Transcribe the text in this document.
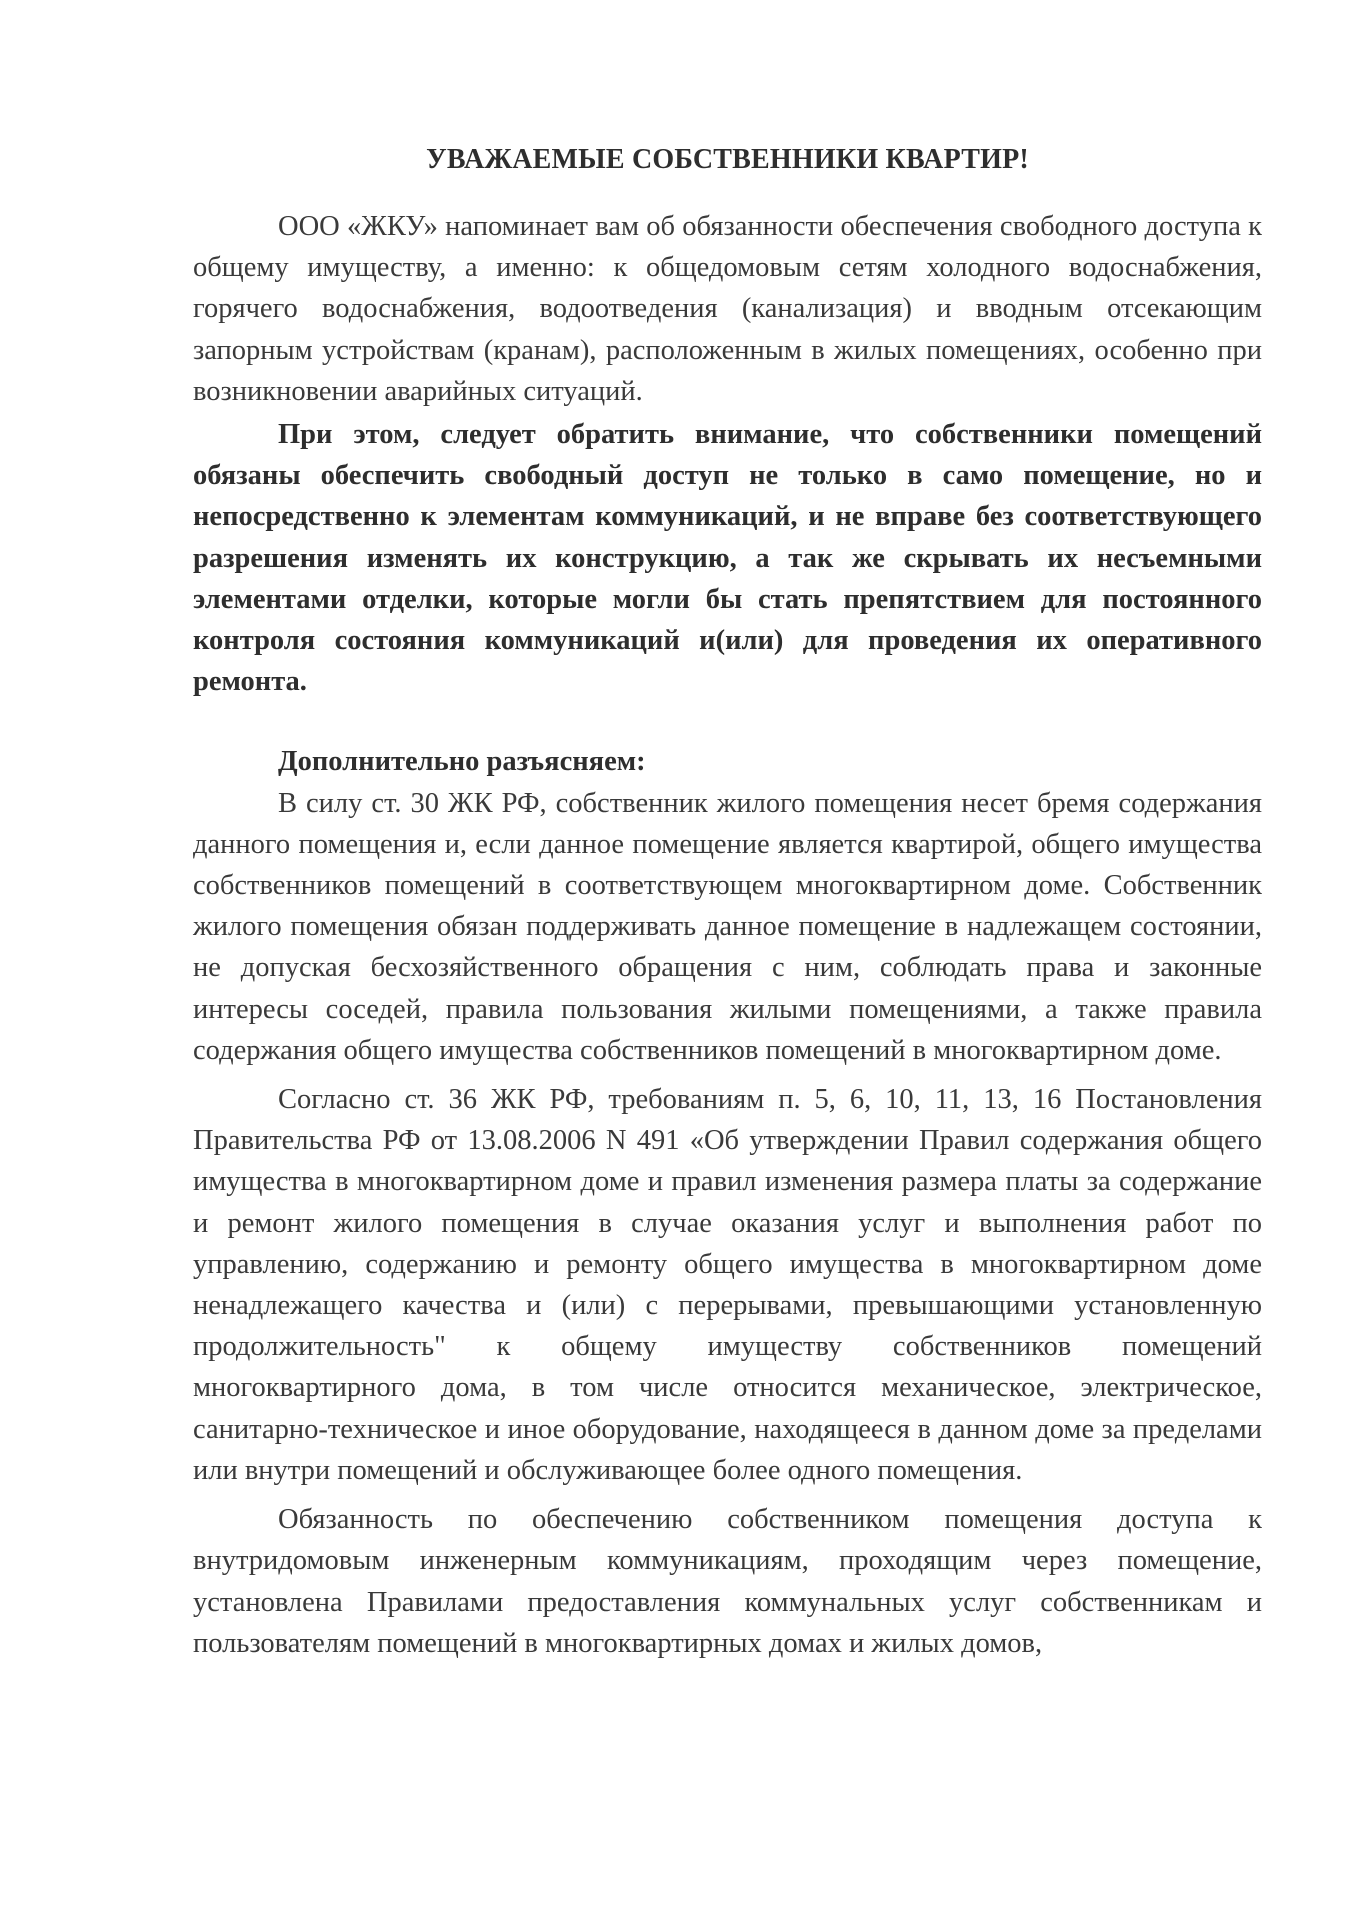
УВАЖАЕМЫЕ СОБСТВЕННИКИ КВАРТИР!

ООО «ЖКУ» напоминает вам об обязанности обеспечения свободного доступа к общему имуществу, а именно: к общедомовым сетям холодного водоснабжения, горячего водоснабжения, водоотведения (канализация) и вводным отсекающим запорным устройствам (кранам), расположенным в жилых помещениях, особенно при возникновении аварийных ситуаций.

При этом, следует обратить внимание, что собственники помещений обязаны обеспечить свободный доступ не только в само помещение, но и непосредственно к элементам коммуникаций, и не вправе без соответствующего разрешения изменять их конструкцию, а так же скрывать их несъемными элементами отделки, которые могли бы стать препятствием для постоянного контроля состояния коммуникаций и(или) для проведения их оперативного ремонта.

Дополнительно разъясняем:

В силу ст. 30 ЖК РФ, собственник жилого помещения несет бремя содержания данного помещения и, если данное помещение является квартирой, общего имущества собственников помещений в соответствующем многоквартирном доме. Собственник жилого помещения обязан поддерживать данное помещение в надлежащем состоянии, не допуская бесхозяйственного обращения с ним, соблюдать права и законные интересы соседей, правила пользования жилыми помещениями, а также правила содержания общего имущества собственников помещений в многоквартирном доме.

Согласно ст. 36 ЖК РФ, требованиям п. 5, 6, 10, 11, 13, 16 Постановления Правительства РФ от 13.08.2006 N 491 «Об утверждении Правил содержания общего имущества в многоквартирном доме и правил изменения размера платы за содержание и ремонт жилого помещения в случае оказания услуг и выполнения работ по управлению, содержанию и ремонту общего имущества в многоквартирном доме ненадлежащего качества и (или) с перерывами, превышающими установленную продолжительность" к общему имуществу собственников помещений многоквартирного дома, в том числе относится механическое, электрическое, санитарно-техническое и иное оборудование, находящееся в данном доме за пределами или внутри помещений и обслуживающее более одного помещения.

Обязанность по обеспечению собственником помещения доступа к внутридомовым инженерным коммуникациям, проходящим через помещение, установлена Правилами предоставления коммунальных услуг собственникам и пользователям помещений в многоквартирных домах и жилых домов,
